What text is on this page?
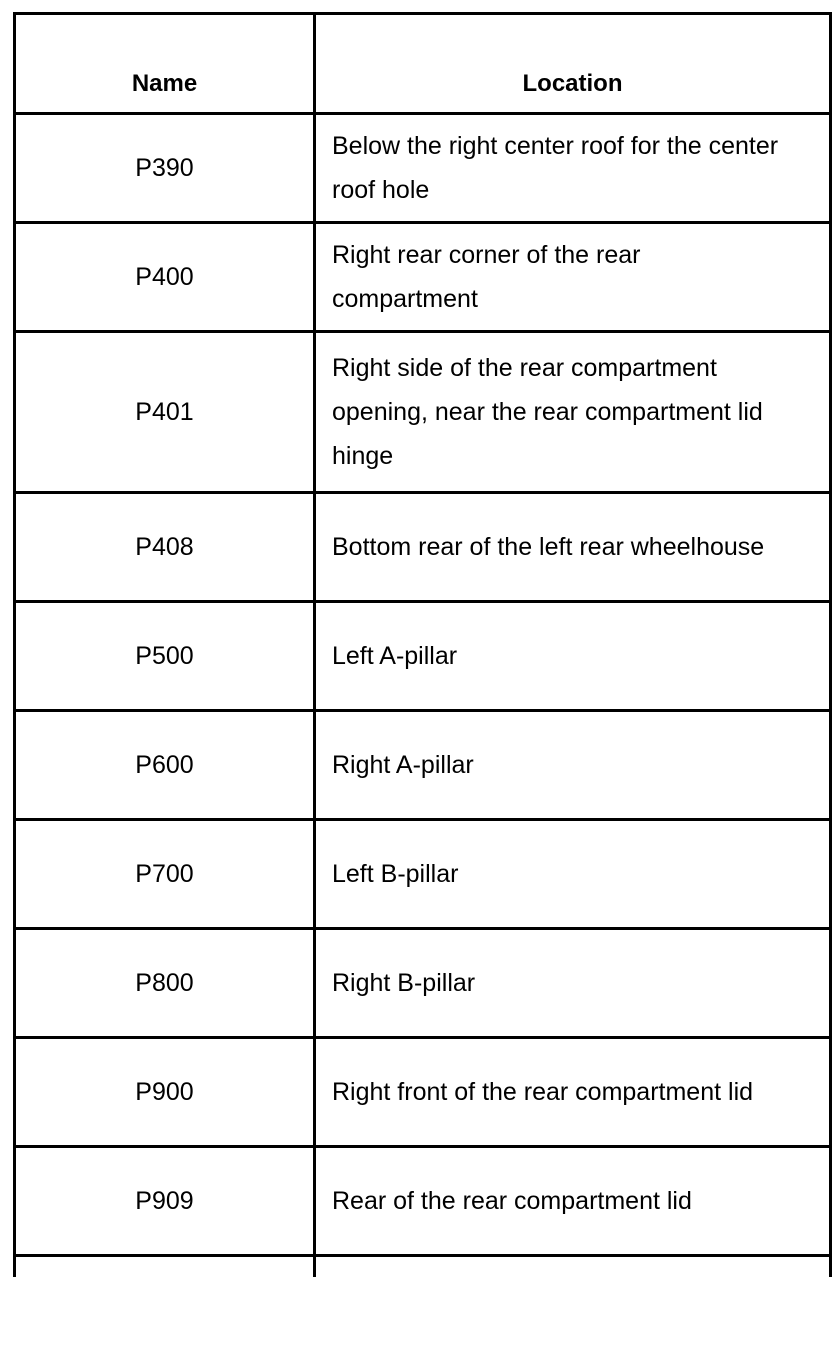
Name	Location
P390	Below the right center roof for the center roof hole
P400	Right rear corner of the rear compartment
P401	Right side of the rear compartment opening, near the rear compartment lid hinge
P408	Bottom rear of the left rear wheelhouse
P500	Left A-pillar
P600	Right A-pillar
P700	Left B-pillar
P800	Right B-pillar
P900	Right front of the rear compartment lid
P909	Rear of the rear compartment lid
